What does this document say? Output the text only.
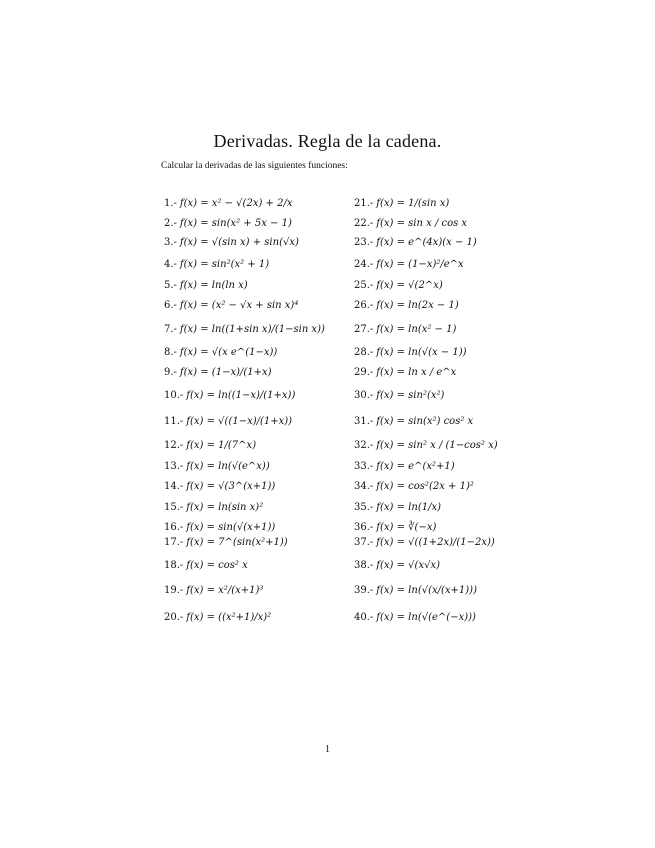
Derivadas. Regla de la cadena.
Calcular la derivadas de las siguientes funciones:
1.- f(x) = x² − √(2x) + 2/x
2.- f(x) = sin(x² + 5x − 1)
3.- f(x) = √(sin x) + sin(√x)
4.- f(x) = sin²(x² + 1)
5.- f(x) = ln(ln x)
6.- f(x) = (x² − √x + sin x)⁴
7.- f(x) = ln((1+sin x)/(1−sin x))
8.- f(x) = √(x e^(1−x))
9.- f(x) = (1−x)/(1+x)
10.- f(x) = ln((1−x)/(1+x))
11.- f(x) = √((1−x)/(1+x))
12.- f(x) = 1/(7^x)
13.- f(x) = ln(√(e^x))
14.- f(x) = √(3^(x+1))
15.- f(x) = ln(sin x)²
16.- f(x) = sin(√(x+1))
17.- f(x) = 7^(sin(x²+1))
18.- f(x) = cos² x
19.- f(x) = x²/(x+1)³
20.- f(x) = ((x²+1)/x)²
21.- f(x) = 1/(sin x)
22.- f(x) = sin x / cos x
23.- f(x) = e^(4x)(x − 1)
24.- f(x) = (1−x)²/e^x
25.- f(x) = √(2^x)
26.- f(x) = ln(2x − 1)
27.- f(x) = ln(x² − 1)
28.- f(x) = ln(√(x − 1))
29.- f(x) = ln x / e^x
30.- f(x) = sin²(x²)
31.- f(x) = sin(x²) cos² x
32.- f(x) = sin² x / (1−cos² x)
33.- f(x) = e^(x²+1)
34.- f(x) = cos²(2x + 1)²
35.- f(x) = ln(1/x)
36.- f(x) = ∛(−x)
37.- f(x) = √((1+2x)/(1−2x))
38.- f(x) = √(x√x)
39.- f(x) = ln(√(x/(x+1)))
40.- f(x) = ln(√(e^(−x)))
1
